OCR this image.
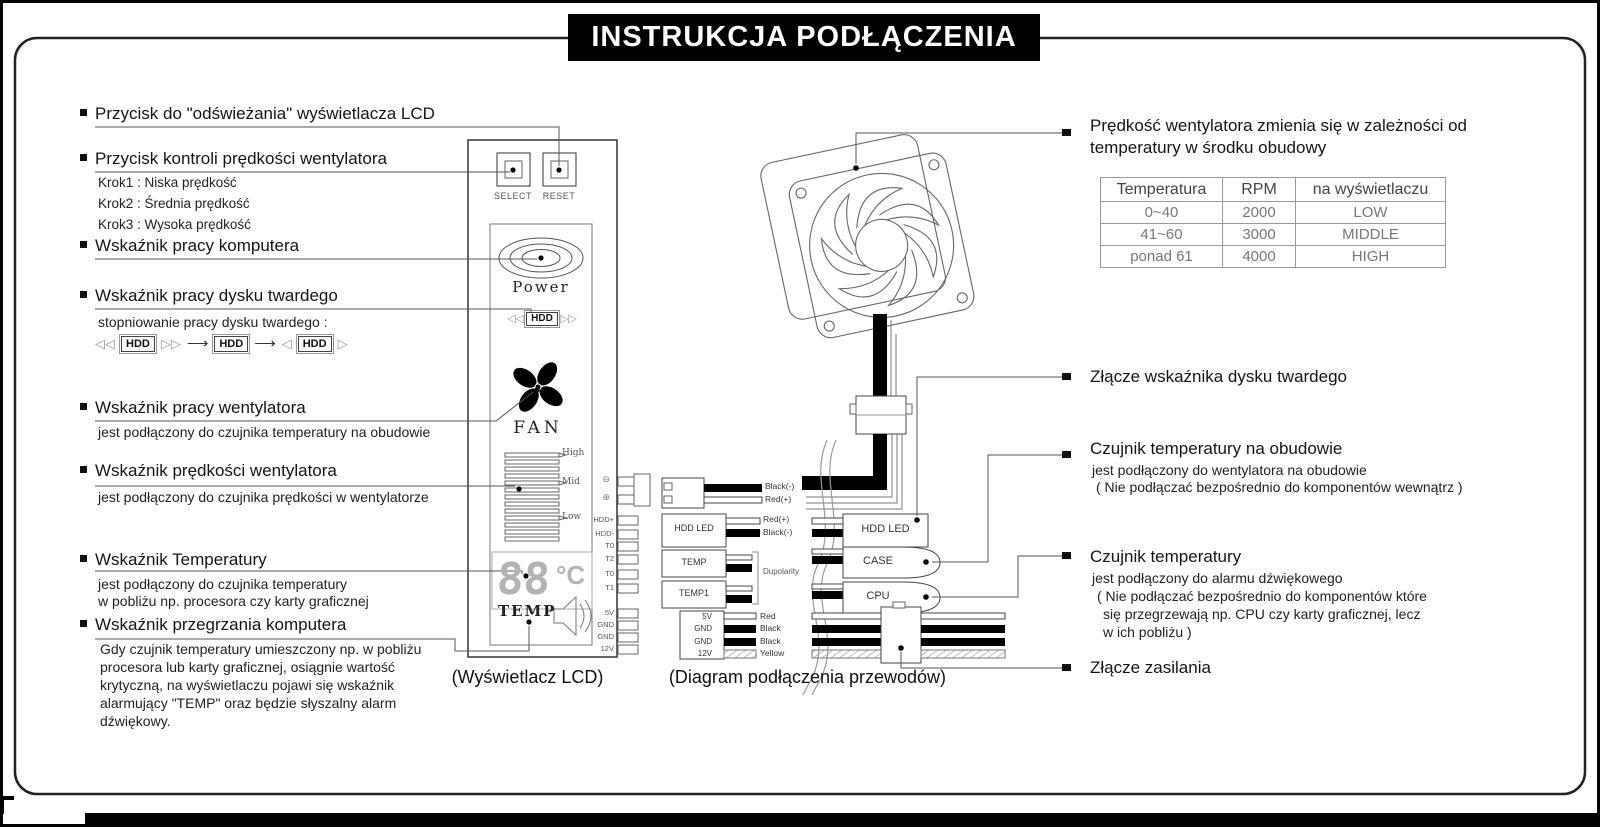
INSTRUKCJA PODŁĄCZENIA LCD
Przycisk do "odświeżania" wyświetlacza LCD
Przycisk kontroli prędkości wentylatora
Krok1 : Niska prędkość
Krok2 : Średnia prędkość
Krok3 : Wysoka prędkość
Wskaźnik pracy komputera
Wskaźnik pracy dysku twardego
stopniowanie pracy dysku twardego :
◁◁	HDD ▷▷ ⟶	HDD ⟶ ◁	HDD ▷
Wskaźnik pracy wentylatora
jest podłączony do czujnika temperatury na obudowie
Wskaźnik prędkości wentylatora
jest podłączony do czujnika prędkości w wentylatorze
Wskaźnik Temperatury
jest podłączony do czujnika temperatury
w pobliżu np. procesora czy karty graficznej
Wskaźnik przegrzania komputera
Gdy czujnik temperatury umieszczony np. w pobliżu procesora lub karty graficznej, osiągnie wartość krytyczną, na wyświetlaczu pojawi się wskaźnik alarmujący "TEMP" oraz będzie słyszalny alarm dźwiękowy.
SELECT	RESET
Power
◁◁ HDD ▷▷
FAN
High
Mid
Low
88 °C
TEMP
⊖
⊕
HDD+
HDD-
T0
T2
T0
T1
5V
GND
GND
12V
(Wyświetlacz LCD)
Black(-)
Red(+)
HDD LED
Red(+)
Black(-)
TEMP
TEMP1
Dupolarity
5V
GND
GND
12V
Red
Black
Black
Yellow
HDD LED
CASE
CPU
(Diagram podłączenia przewodów)
Prędkość wentylatora zmienia się w zależności od
temperatury w środku obudowy
Temperatura	RPM	na wyświetlaczu
0~40	2000	LOW
41~60	3000	MIDDLE
ponad 61	4000	HIGH
Złącze wskaźnika dysku twardego
Czujnik temperatury na obudowie
jest podłączony do wentylatora na obudowie
( Nie podłączać bezpośrednio do komponentów wewnątrz )
Czujnik temperatury
jest podłączony do alarmu dźwiękowego
( Nie podłączać bezpośrednio do komponentów które
się przegrzewają np. CPU czy karty graficznej, lecz
w ich pobliżu )
Złącze zasilania
